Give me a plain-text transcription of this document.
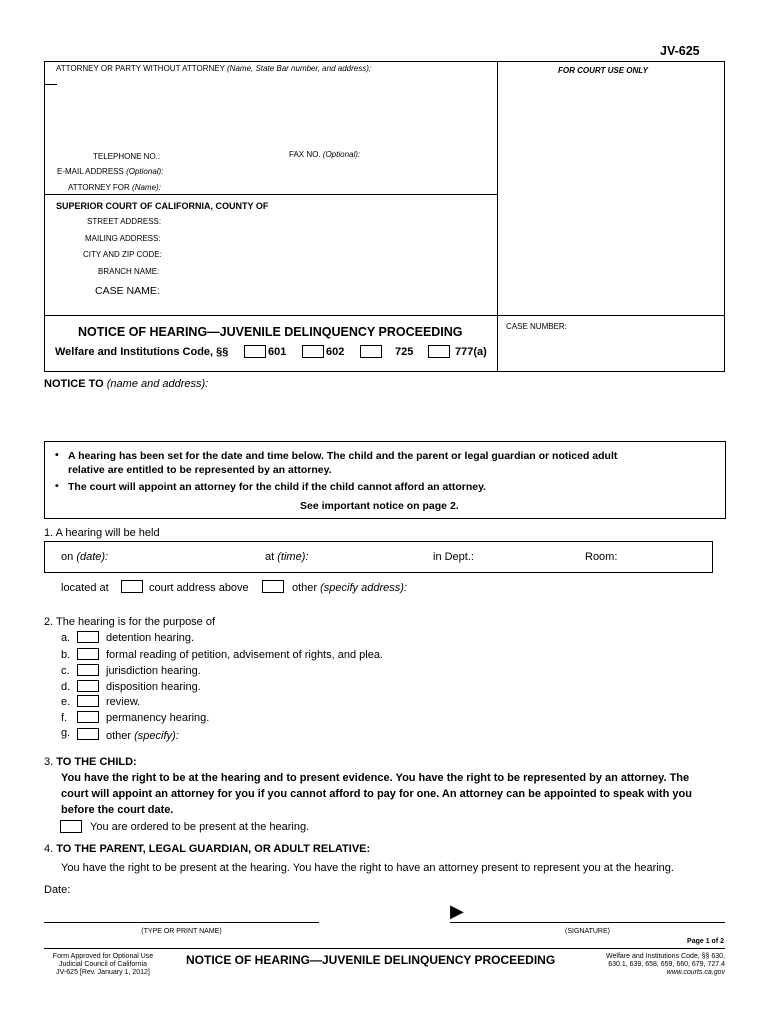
JV-625
ATTORNEY OR PARTY WITHOUT ATTORNEY (Name, State Bar number, and address):	FOR COURT USE ONLY
TELEPHONE NO.:	FAX NO. (Optional):
E-MAIL ADDRESS (Optional):
ATTORNEY FOR (Name):
SUPERIOR COURT OF CALIFORNIA, COUNTY OF
STREET ADDRESS:
MAILING ADDRESS:
CITY AND ZIP CODE:
BRANCH NAME:
CASE NAME:
CASE NUMBER:
NOTICE OF HEARING—JUVENILE DELINQUENCY PROCEEDING
Welfare and Institutions Code, §§	601	602	725	777(a)
NOTICE TO (name and address):
• A hearing has been set for the date and time below. The child and the parent or legal guardian or noticed adult
relative are entitled to be represented by an attorney.
• The court will appoint an attorney for the child if the child cannot afford an attorney.
See important notice on page 2.
1. A hearing will be held
on (date):	at (time):	in Dept.:	Room:
located at	court address above	other (specify address):
2. The hearing is for the purpose of
a.	detention hearing.
b.	formal reading of petition, advisement of rights, and plea.
c.	jurisdiction hearing.
d.	disposition hearing.
e.	review.
f.	permanency hearing.
g.	other (specify):
3. TO THE CHILD:
You have the right to be at the hearing and to present evidence. You have the right to be represented by an attorney. The
court will appoint an attorney for you if you cannot afford to pay for one. An attorney can be appointed to speak with you
before the court date.
You are ordered to be present at the hearing.
4. TO THE PARENT, LEGAL GUARDIAN, OR ADULT RELATIVE:
You have the right to be present at the hearing. You have the right to have an attorney present to represent you at the hearing.
Date:
(TYPE OR PRINT NAME)
▶
(SIGNATURE)
Page 1 of 2
Form Approved for Optional Use
Judicial Council of California
JV-625 [Rev. January 1, 2012]
NOTICE OF HEARING—JUVENILE DELINQUENCY PROCEEDING	Welfare and Institutions Code, §§ 630,
630.1, 639, 658, 659, 660, 679, 727.4
www.courts.ca.gov
